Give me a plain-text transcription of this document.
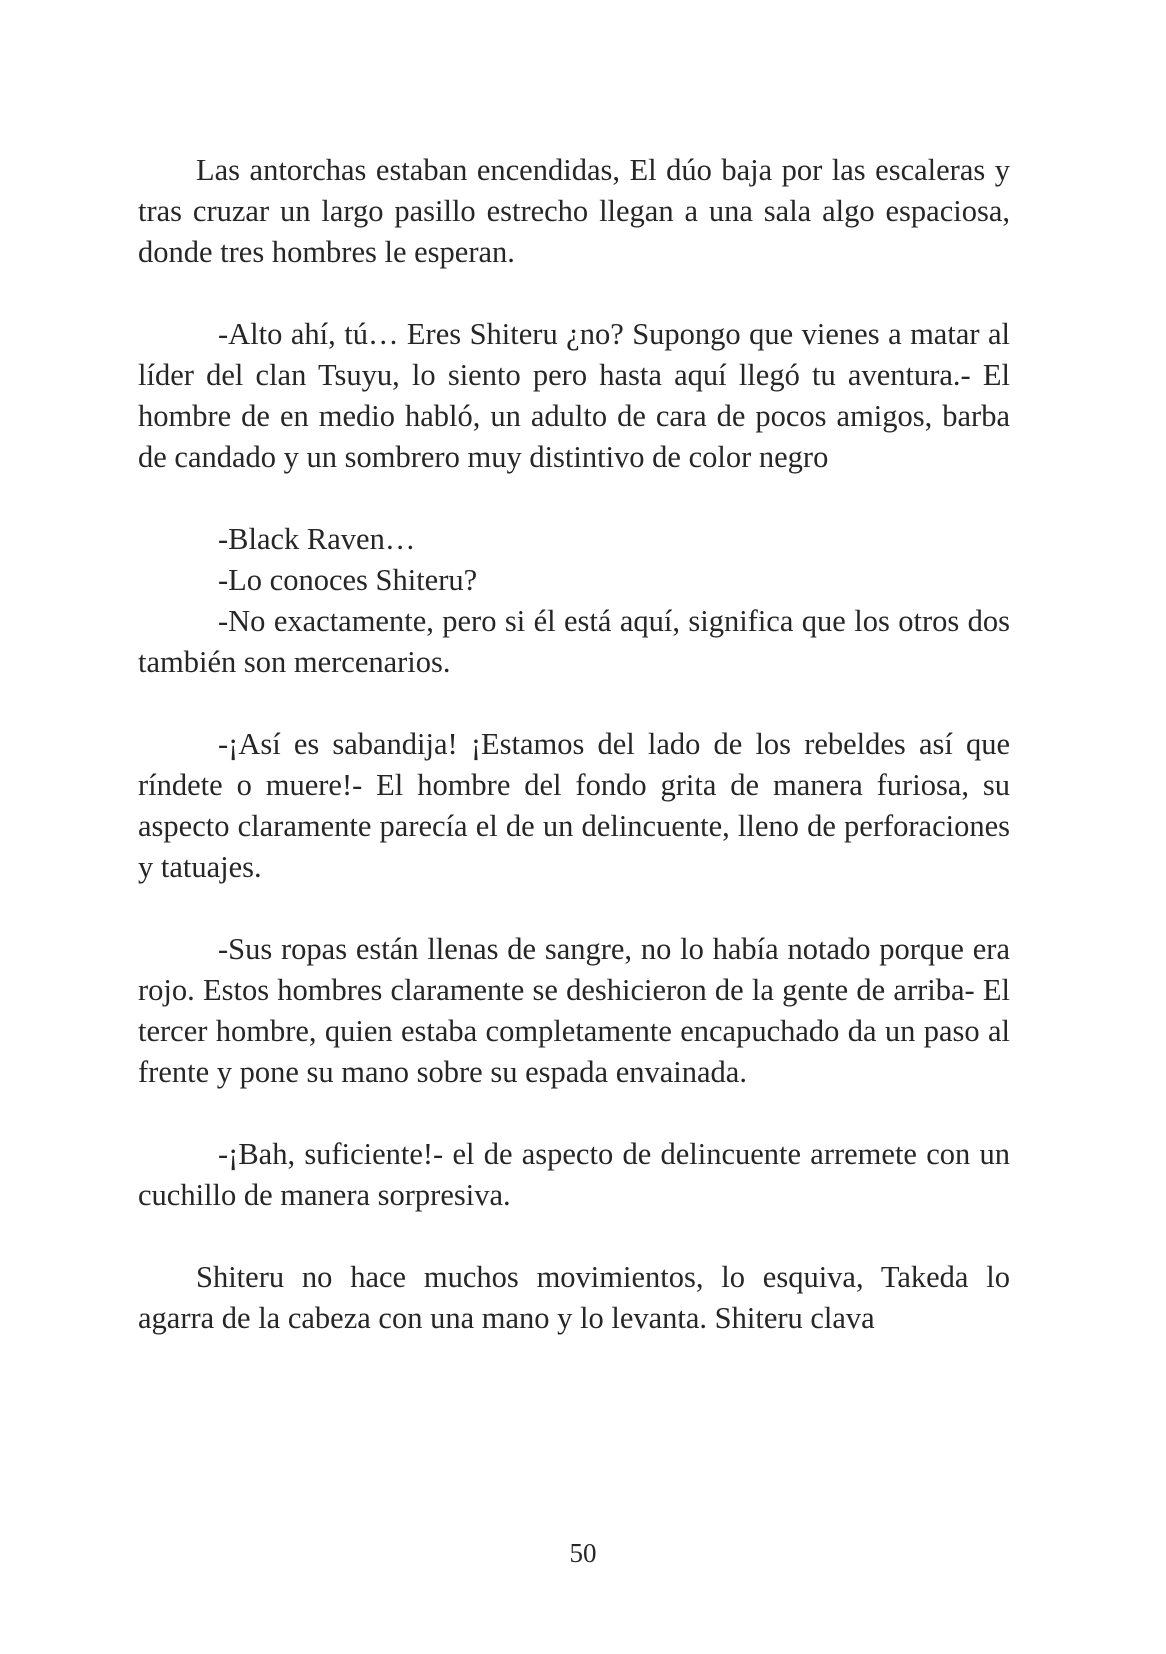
Las antorchas estaban encendidas, El dúo baja por las escaleras y tras cruzar un largo pasillo estrecho llegan a una sala algo espaciosa, donde tres hombres le esperan.

-Alto ahí, tú… Eres Shiteru ¿no? Supongo que vienes a matar al líder del clan Tsuyu, lo siento pero hasta aquí llegó tu aventura.- El hombre de en medio habló, un adulto de cara de pocos amigos, barba de candado y un sombrero muy distintivo de color negro

-Black Raven…

-Lo conoces Shiteru?

-No exactamente, pero si él está aquí, significa que los otros dos también son mercenarios.

-¡Así es sabandija! ¡Estamos del lado de los rebeldes así que ríndete o muere!- El hombre del fondo grita de manera furiosa, su aspecto claramente parecía el de un delincuente, lleno de perforaciones y tatuajes.

-Sus ropas están llenas de sangre, no lo había notado porque era rojo. Estos hombres claramente se deshicieron de la gente de arriba- El tercer hombre, quien estaba completamente encapuchado da un paso al frente y pone su mano sobre su espada envainada.

-¡Bah, suficiente!- el de aspecto de delincuente arremete con un cuchillo de manera sorpresiva.

Shiteru no hace muchos movimientos, lo esquiva, Takeda lo agarra de la cabeza con una mano y lo levanta. Shiteru clava

50
